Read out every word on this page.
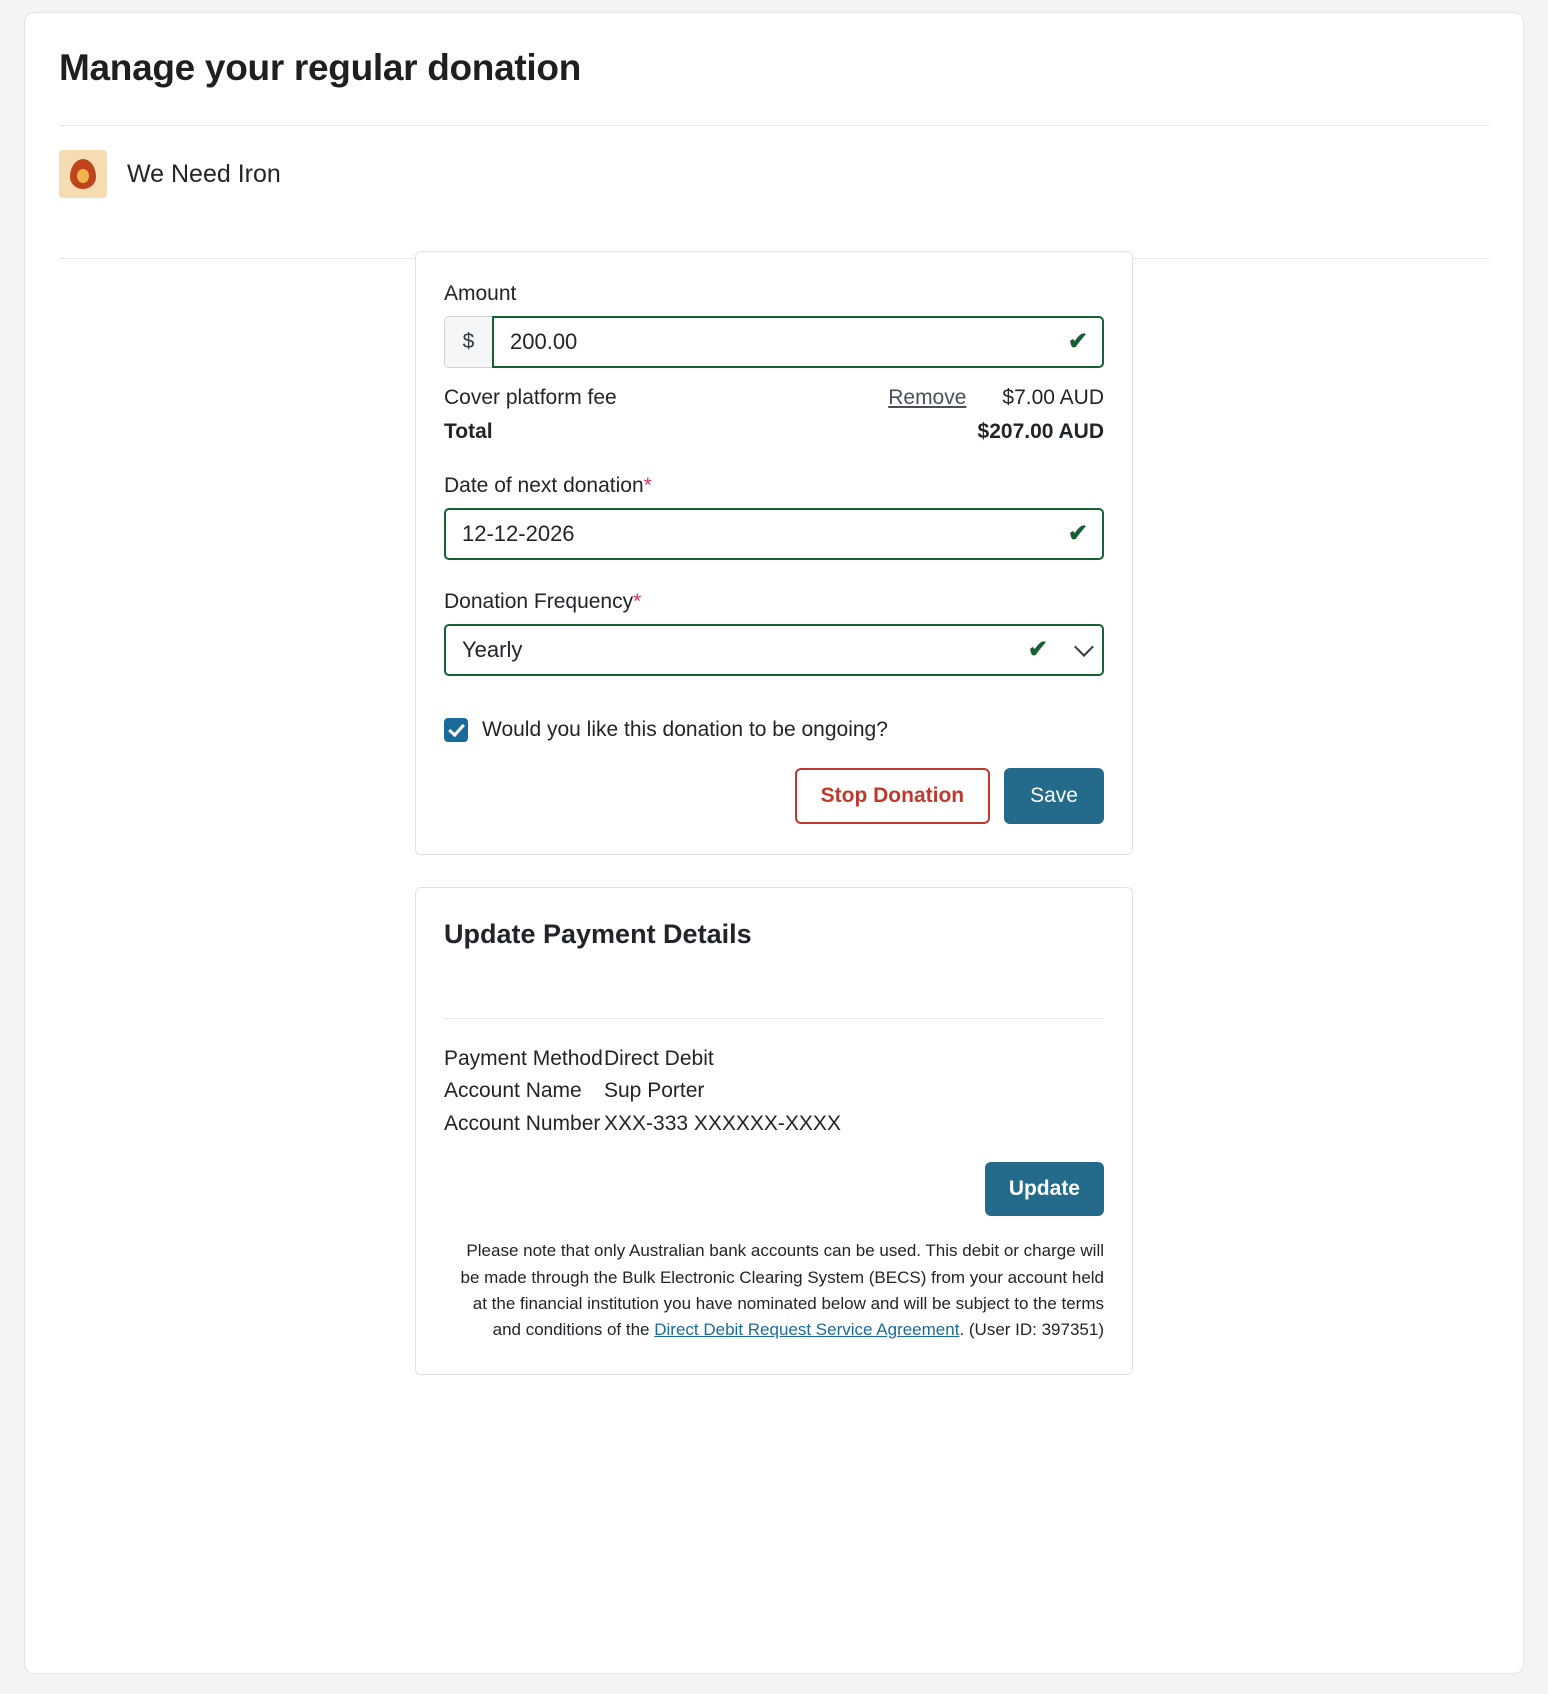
Manage your regular donation
We Need Iron
Amount
$	200.00	✔
Cover platform fee	Remove $7.00 AUD
Total	$207.00 AUD
Date of next donation*
12-12-2026	✔
Donation Frequency*
Yearly	✔
Would you like this donation to be ongoing?
Stop Donation	Save
Update Payment Details
Payment Method Direct Debit
Account Name	Sup Porter
Account Number XXX-333 XXXXXX-XXXX
Update
Please note that only Australian bank accounts can be used. This debit or charge will be made through the Bulk Electronic Clearing System (BECS) from your account held at the financial institution you have nominated below and will be subject to the terms and conditions of the Direct Debit Request Service Agreement. (User ID: 397351)
